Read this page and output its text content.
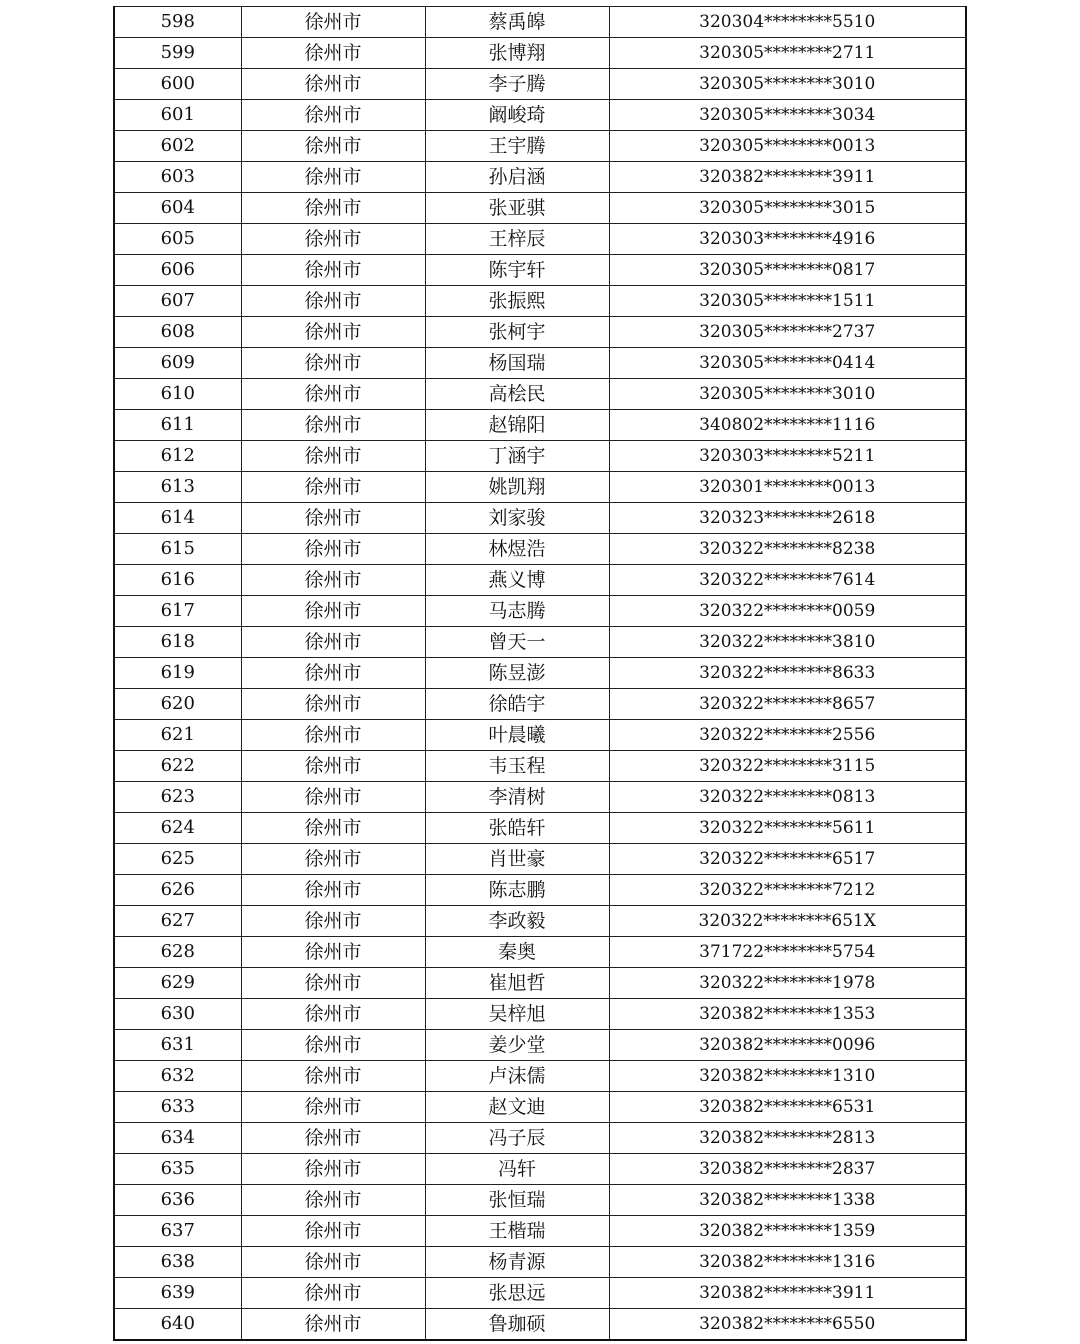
598	徐州市	蔡禹皞	320304********5510
599	徐州市	张博翔	320305********2711
600	徐州市	李子腾	320305********3010
601	徐州市	阚峻琦	320305********3034
602	徐州市	王宇腾	320305********0013
603	徐州市	孙启涵	320382********3911
604	徐州市	张亚骐	320305********3015
605	徐州市	王梓辰	320303********4916
606	徐州市	陈宇轩	320305********0817
607	徐州市	张振熙	320305********1511
608	徐州市	张柯宇	320305********2737
609	徐州市	杨国瑞	320305********0414
610	徐州市	高桧民	320305********3010
611	徐州市	赵锦阳	340802********1116
612	徐州市	丁涵宇	320303********5211
613	徐州市	姚凯翔	320301********0013
614	徐州市	刘家骏	320323********2618
615	徐州市	林煜浩	320322********8238
616	徐州市	燕义博	320322********7614
617	徐州市	马志腾	320322********0059
618	徐州市	曾天一	320322********3810
619	徐州市	陈昱澎	320322********8633
620	徐州市	徐皓宇	320322********8657
621	徐州市	叶晨曦	320322********2556
622	徐州市	韦玉程	320322********3115
623	徐州市	李清树	320322********0813
624	徐州市	张皓轩	320322********5611
625	徐州市	肖世豪	320322********6517
626	徐州市	陈志鹏	320322********7212
627	徐州市	李政毅	320322********651X
628	徐州市	秦奥	371722********5754
629	徐州市	崔旭哲	320322********1978
630	徐州市	吴梓旭	320382********1353
631	徐州市	姜少堂	320382********0096
632	徐州市	卢沫儒	320382********1310
633	徐州市	赵文迪	320382********6531
634	徐州市	冯子辰	320382********2813
635	徐州市	冯轩	320382********2837
636	徐州市	张恒瑞	320382********1338
637	徐州市	王楷瑞	320382********1359
638	徐州市	杨青源	320382********1316
639	徐州市	张思远	320382********3911
640	徐州市	鲁珈硕	320382********6550
